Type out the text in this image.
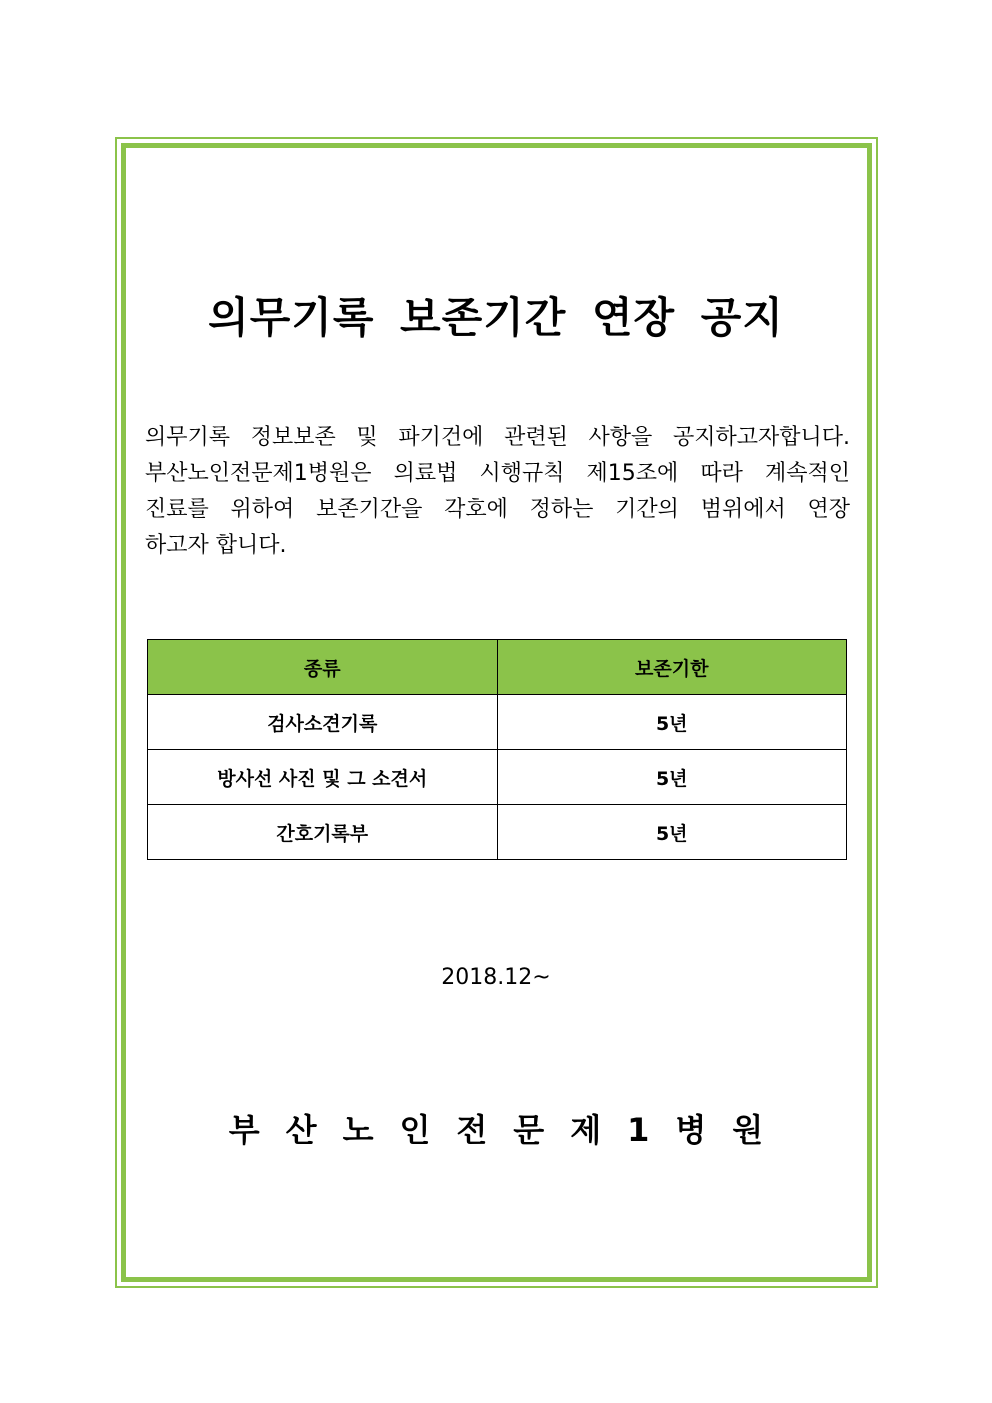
의무기록 보존기간 연장 공지
의무기록 정보보존 및 파기건에 관련된 사항을 공지하고자합니다.
부산노인전문제1병원은 의료법 시행규칙 제15조에 따라 계속적인
진료를 위하여 보존기간을 각호에 정하는 기간의 범위에서 연장
하고자 합니다.
종류	보존기한
검사소견기록	5년
방사선 사진 및 그 소견서	5년
간호기록부	5년
2018.12~
부산노인전문제1병원
